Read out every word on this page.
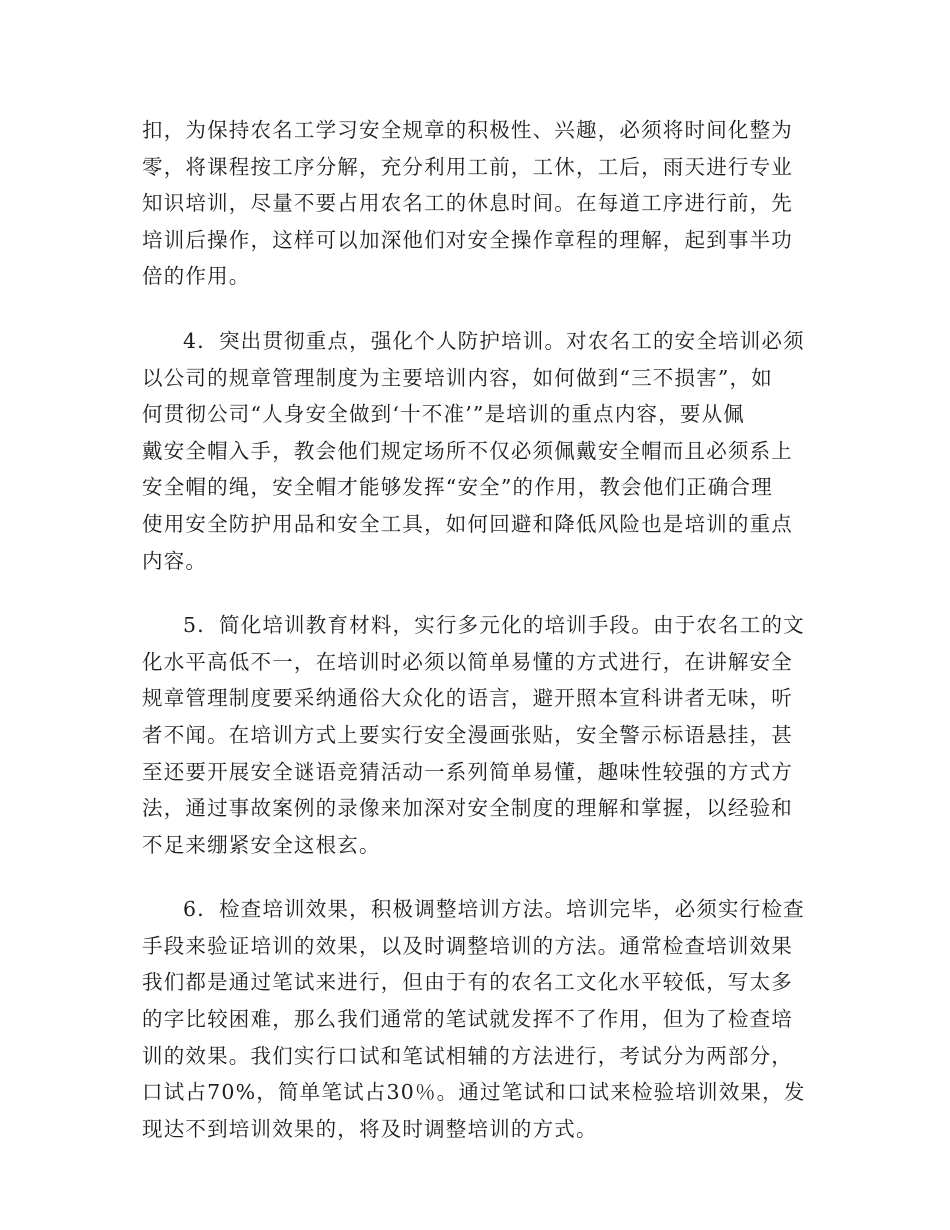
扣，为保持农名工学习安全规章的积极性、兴趣，必须将时间化整为
零，将课程按工序分解，充分利用工前，工休，工后，雨天进行专业
知识培训，尽量不要占用农名工的休息时间。在每道工序进行前，先
培训后操作，这样可以加深他们对安全操作章程的理解，起到事半功
倍的作用。
4．突出贯彻重点，强化个人防护培训。对农名工的安全培训必须
以公司的规章管理制度为主要培训内容，如何做到“三不损害”，如
何贯彻公司“人身安全做到‘十不准’”是培训的重点内容，要从佩
戴安全帽入手，教会他们规定场所不仅必须佩戴安全帽而且必须系上
安全帽的绳，安全帽才能够发挥“安全”的作用，教会他们正确合理
使用安全防护用品和安全工具，如何回避和降低风险也是培训的重点
内容。
5．简化培训教育材料，实行多元化的培训手段。由于农名工的文
化水平高低不一，在培训时必须以简单易懂的方式进行，在讲解安全
规章管理制度要采纳通俗大众化的语言，避开照本宣科讲者无味，听
者不闻。在培训方式上要实行安全漫画张贴，安全警示标语悬挂，甚
至还要开展安全谜语竞猜活动一系列简单易懂，趣味性较强的方式方
法，通过事故案例的录像来加深对安全制度的理解和掌握，以经验和
不足来绷紧安全这根玄。
6．检查培训效果，积极调整培训方法。培训完毕，必须实行检查
手段来验证培训的效果，以及时调整培训的方法。通常检查培训效果
我们都是通过笔试来进行，但由于有的农名工文化水平较低，写太多
的字比较困难，那么我们通常的笔试就发挥不了作用，但为了检查培
训的效果。我们实行口试和笔试相辅的方法进行，考试分为两部分，
口试占70%，简单笔试占30％。通过笔试和口试来检验培训效果，发
现达不到培训效果的，将及时调整培训的方式。
